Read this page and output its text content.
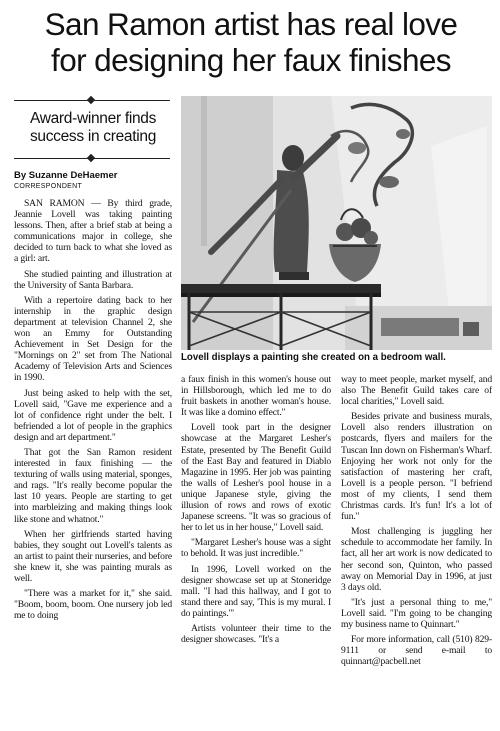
San Ramon artist has real love
for designing her faux finishes
Award-winner finds
success in creating
By Suzanne DeHaemer
CORRESPONDENT

SAN RAMON — By third grade, Jeannie Lovell was taking painting lessons. Then, after a brief stab at being a communications major in college, she decided to turn back to what she loved as a girl: art.

She studied painting and illustration at the University of Santa Barbara.

With a repertoire dating back to her internship in the graphic design department at television Channel 2, she won an Emmy for Outstanding Achievement in Set Design for the "Mornings on 2" set from The National Academy of Television Arts and Sciences in 1990.

Just being asked to help with the set, Lovell said, "Gave me experience and a lot of confidence right under the belt. I befriended a lot of people in the graphics design and art department."

That got the San Ramon resident interested in faux finishing — the texturing of walls using material, sponges, and rags. "It's really become popular the last 10 years. People are starting to get into marbleizing and making things look like stone and whatnot."

When her girlfriends started having babies, they sought out Lovell's talents as an artist to paint their nurseries, and before she knew it, she was painting murals as well.

"There was a market for it," she said. "Boom, boom, boom. One nursery job led me to doing

Lovell displays a painting she created on a bedroom wall.

a faux finish in this women's house out in Hillsborough, which led me to do fruit baskets in another woman's house. It was like a domino effect."

Lovell took part in the designer showcase at the Margaret Lesher's Estate, presented by The Benefit Guild of the East Bay and featured in Diablo Magazine in 1995. Her job was painting the walls of Lesher's pool house in a unique Japanese style, giving the illusion of rows and rows of exotic Japanese screens. "It was so gracious of her to let us in her house," Lovell said.

"Margaret Lesher's house was a sight to behold. It was just incredible."

In 1996, Lovell worked on the designer showcase set up at Stoneridge mall. "I had this hallway, and I got to stand there and say, 'This is my mural. I do paintings.'"

Artists volunteer their time to the designer showcases. "It's a

way to meet people, market myself, and also The Benefit Guild takes care of local charities," Lovell said.

Besides private and business murals, Lovell also renders illustration on postcards, flyers and mailers for the Tuscan Inn down on Fisherman's Wharf. Enjoying her work not only for the satisfaction of mastering her craft, Lovell is a people person. "I befriend most of my clients, I send them Christmas cards. It's fun! It's a lot of fun."

Most challenging is juggling her schedule to accommodate her family. In fact, all her art work is now dedicated to her second son, Quinton, who passed away on Memorial Day in 1996, at just 3 days old.

"It's just a personal thing to me," Lovell said. "I'm going to be changing my business name to Quinnart."

For more information, call (510) 829-9111 or send e-mail to quinnart@pacbell.net
